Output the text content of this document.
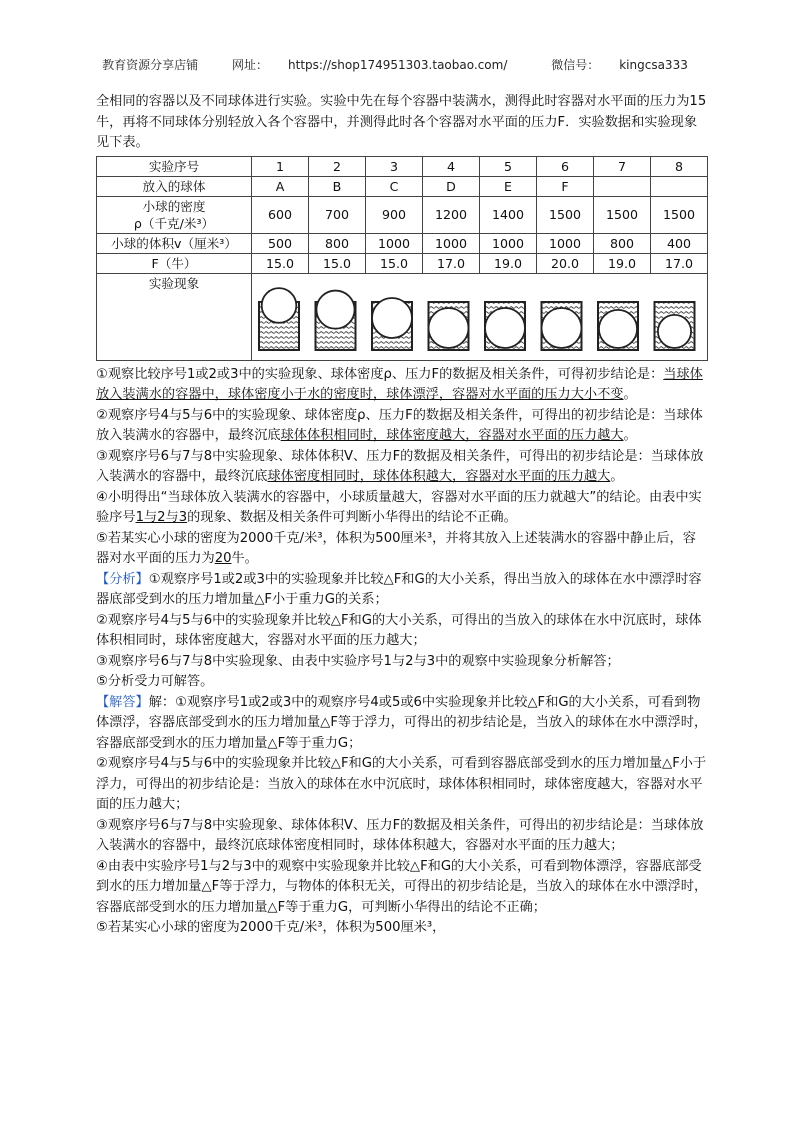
教育资源分享店铺	网址： https://shop174951303.taobao.com/	微信号： kingcsa333

全相同的容器以及不同球体进行实验。实验中先在每个容器中装满水，测得此时容器对水平面的压力为15牛，再将不同球体分别轻放入各个容器中，并测得此时各个容器对水平面的压力F．实验数据和实验现象见下表。

实验序号	1	2	3	4	5	6	7	8
放入的球体	A	B	C	D	E	F		
小球的密度
ρ（千克/米³）	600	700	900	1200	1400	1500	1500	1500
小球的体积v（厘米³）	500	800	1000	1000	1000	1000	800	400
F（牛）	15.0	15.0	15.0	17.0	19.0	20.0	19.0	17.0
实验现象	

①观察比较序号1或2或3中的实验现象、球体密度ρ、压力F的数据及相关条件，可得初步结论是：当球体放入装满水的容器中，球体密度小于水的密度时，球体漂浮，容器对水平面的压力大小不变。

②观察序号4与5与6中的实验现象、球体密度ρ、压力F的数据及相关条件，可得出的初步结论是：当球体放入装满水的容器中，最终沉底球体体积相同时，球体密度越大，容器对水平面的压力越大。

③观察序号6与7与8中实验现象、球体体积V、压力F的数据及相关条件，可得出的初步结论是：当球体放入装满水的容器中，最终沉底球体密度相同时，球体体积越大，容器对水平面的压力越大。

④小明得出“当球体放入装满水的容器中，小球质量越大，容器对水平面的压力就越大”的结论。由表中实验序号1与2与3的现象、数据及相关条件可判断小华得出的结论不正确。

⑤若某实心小球的密度为2000千克/米³，体积为500厘米³，并将其放入上述装满水的容器中静止后，容器对水平面的压力为20牛。

【分析】①观察序号1或2或3中的实验现象并比较△F和G的大小关系，得出当放入的球体在水中漂浮时容器底部受到水的压力增加量△F小于重力G的关系；

②观察序号4与5与6中的实验现象并比较△F和G的大小关系，可得出的当放入的球体在水中沉底时，球体体积相同时，球体密度越大，容器对水平面的压力越大；

③观察序号6与7与8中实验现象、由表中实验序号1与2与3中的观察中实验现象分析解答；

⑤分析受力可解答。

【解答】解：①观察序号1或2或3中的观察序号4或5或6中实验现象并比较△F和G的大小关系，可看到物体漂浮，容器底部受到水的压力增加量△F等于浮力，可得出的初步结论是，当放入的球体在水中漂浮时，容器底部受到水的压力增加量△F等于重力G；

②观察序号4与5与6中的实验现象并比较△F和G的大小关系，可看到容器底部受到水的压力增加量△F小于浮力，可得出的初步结论是：当放入的球体在水中沉底时，球体体积相同时，球体密度越大，容器对水平面的压力越大；

③观察序号6与7与8中实验现象、球体体积V、压力F的数据及相关条件，可得出的初步结论是：当球体放入装满水的容器中，最终沉底球体密度相同时，球体体积越大，容器对水平面的压力越大；

④由表中实验序号1与2与3中的观察中实验现象并比较△F和G的大小关系，可看到物体漂浮，容器底部受到水的压力增加量△F等于浮力，与物体的体积无关，可得出的初步结论是，当放入的球体在水中漂浮时，容器底部受到水的压力增加量△F等于重力G，可判断小华得出的结论不正确；

⑤若某实心小球的密度为2000千克/米³，体积为500厘米³，
